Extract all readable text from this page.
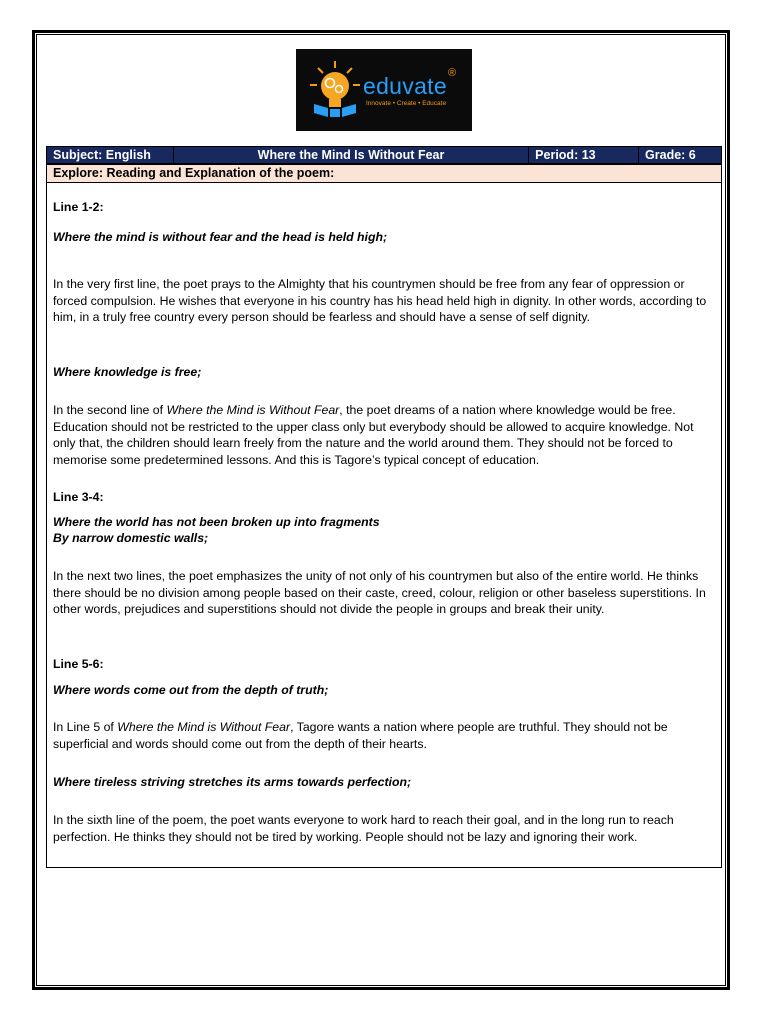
eduvate ®
Innovate • Create • Educate
Subject: English	Where the Mind Is Without Fear	Period: 13	Grade: 6
Explore: Reading and Explanation of the poem:

Line 1-2:

Where the mind is without fear and the head is held high;

In the very first line, the poet prays to the Almighty that his countrymen should be free from any fear of oppression or forced compulsion. He wishes that everyone in his country has his head held high in dignity. In other words, according to him, in a truly free country every person should be fearless and should have a sense of self dignity.

Where knowledge is free;

In the second line of Where the Mind is Without Fear, the poet dreams of a nation where knowledge would be free. Education should not be restricted to the upper class only but everybody should be allowed to acquire knowledge. Not only that, the children should learn freely from the nature and the world around them. They should not be forced to memorise some predetermined lessons. And this is Tagore’s typical concept of education.

Line 3-4:

Where the world has not been broken up into fragments

By narrow domestic walls;

In the next two lines, the poet emphasizes the unity of not only of his countrymen but also of the entire world. He thinks there should be no division among people based on their caste, creed, colour, religion or other baseless superstitions. In other words, prejudices and superstitions should not divide the people in groups and break their unity.

Line 5-6:

Where words come out from the depth of truth;

In Line 5 of Where the Mind is Without Fear, Tagore wants a nation where people are truthful. They should not be superficial and words should come out from the depth of their hearts.

Where tireless striving stretches its arms towards perfection;

In the sixth line of the poem, the poet wants everyone to work hard to reach their goal, and in the long run to reach perfection. He thinks they should not be tired by working. People should not be lazy and ignoring their work.
